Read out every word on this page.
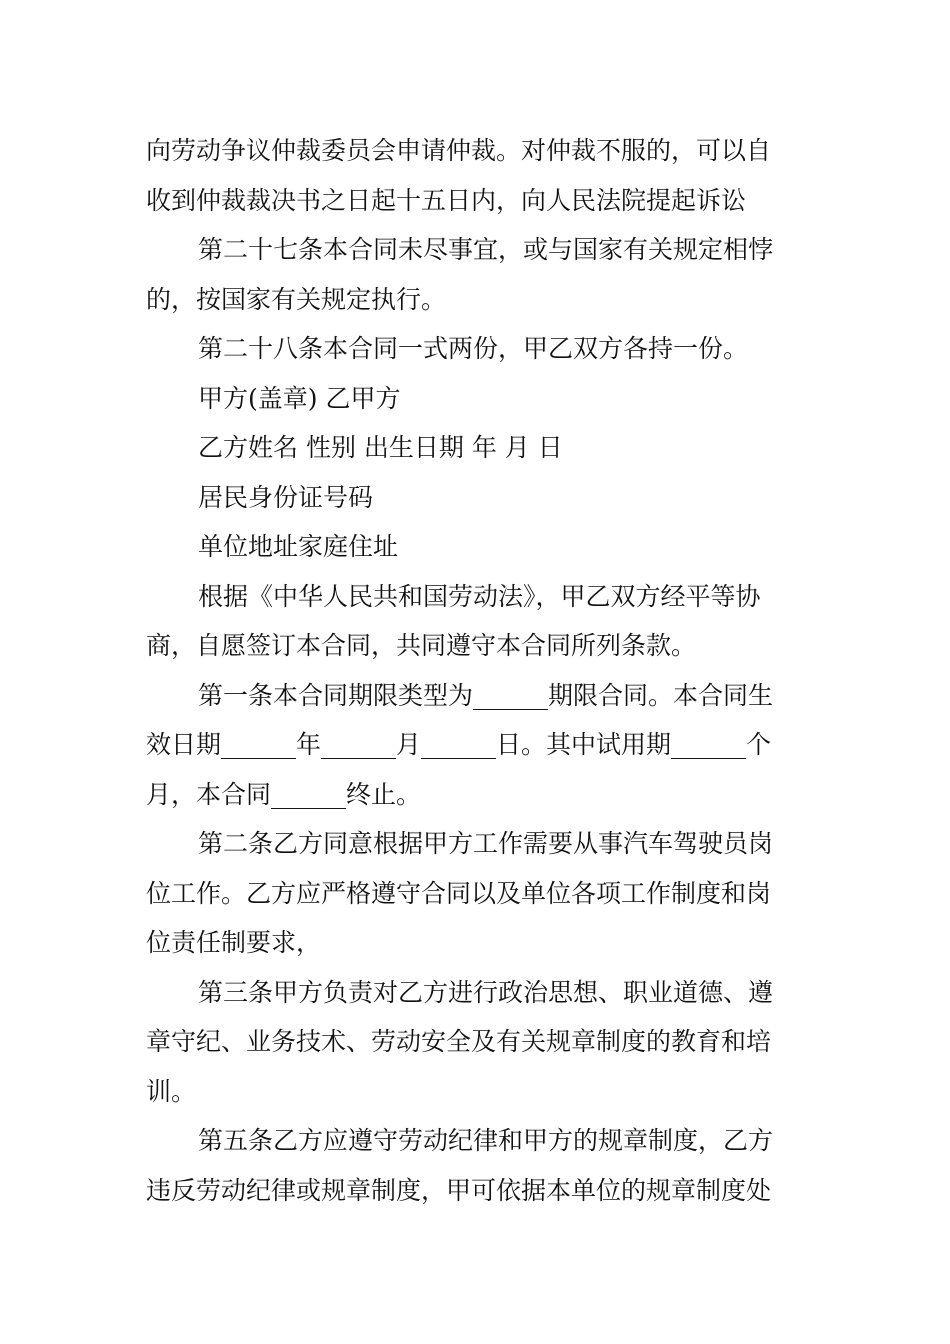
向劳动争议仲裁委员会申请仲裁。对仲裁不服的，可以自
收到仲裁裁决书之日起十五日内，向人民法院提起诉讼
第二十七条本合同未尽事宜，或与国家有关规定相悖
的，按国家有关规定执行。
第二十八条本合同一式两份，甲乙双方各持一份。
甲方(盖章) 乙甲方
乙方姓名 性别 出生日期 年 月 日
居民身份证号码
单位地址家庭住址
根据《中华人民共和国劳动法》，甲乙双方经平等协
商，自愿签订本合同，共同遵守本合同所列条款。
第一条本合同期限类型为______期限合同。本合同生
效日期______年______月______日。其中试用期______个
月，本合同______终止。
第二条乙方同意根据甲方工作需要从事汽车驾驶员岗
位工作。乙方应严格遵守合同以及单位各项工作制度和岗
位责任制要求，
第三条甲方负责对乙方进行政治思想、职业道德、遵
章守纪、业务技术、劳动安全及有关规章制度的教育和培
训。
第五条乙方应遵守劳动纪律和甲方的规章制度，乙方
违反劳动纪律或规章制度，甲可依据本单位的规章制度处
